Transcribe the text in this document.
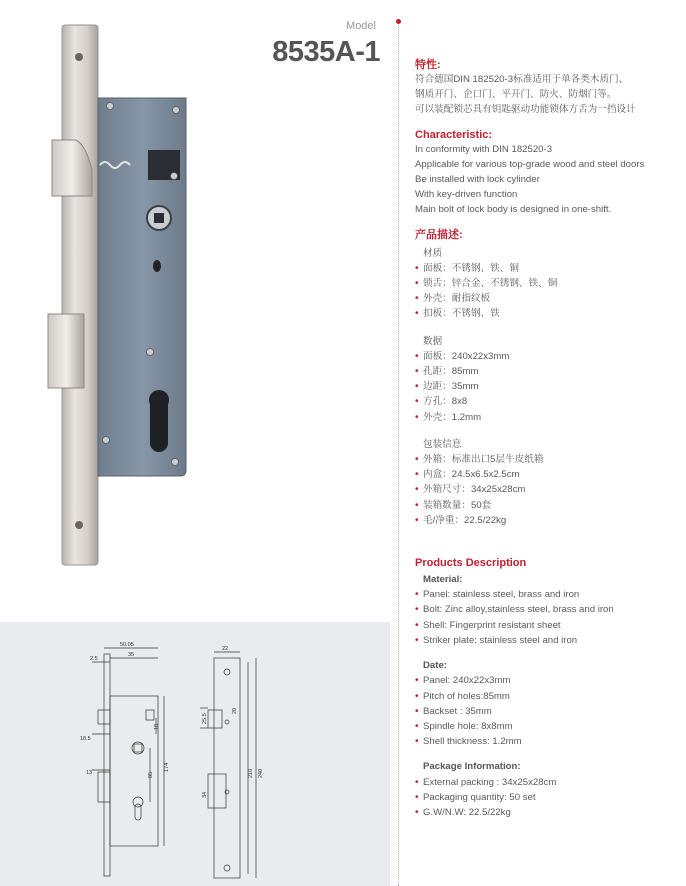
Model
8535A-1
50.05
35
2.5
18.5
13	85
174
10
22
25.5
20
210 240
34
特性:
符合德国DIN 182520-3标准适用于单各类木质门、
钢质开门、企口门、平开门、防火、防烟门等。
可以装配锁芯具有钥匙驱动功能锁体方舌为一挡设计
Characteristic:
In conformity with DIN 182520-3
Applicable for various top-grade wood and steel doors
Be installed with lock cylinder
With key-driven function
Main bolt of lock body is designed in one-shift.
产品描述:
材质
• 面板：不锈钢、铁、铜
• 锁舌：锌合金、不锈钢、铁、铜
• 外壳：耐指纹板
• 扣板：不锈钢、铁
数据
• 面板：240x22x3mm
• 孔距：85mm
• 边距：35mm
• 方孔：8x8
• 外壳：1.2mm
包装信息
• 外箱：标准出口5层牛皮纸箱
• 内盒：24.5x6.5x2.5cm
• 外箱尺寸：34x25x28cm
• 装箱数量：50套
• 毛/净重：22.5/22kg
Products Description
Material:
• Panel: stainless steel, brass and iron
• Bolt: Zinc alloy,stainless steel, brass and iron
• Shell: Fingerprint resistant sheet
• Striker plate: stainless steel and iron
Date:
• Panel: 240x22x3mm
• Pitch of holes:85mm
• Backset : 35mm
• Spindle hole: 8x8mm
• Shell thickness: 1.2mm
Package Information:
• External packing : 34x25x28cm
• Packaging quantity: 50 set
• G.W/N.W: 22.5/22kg
